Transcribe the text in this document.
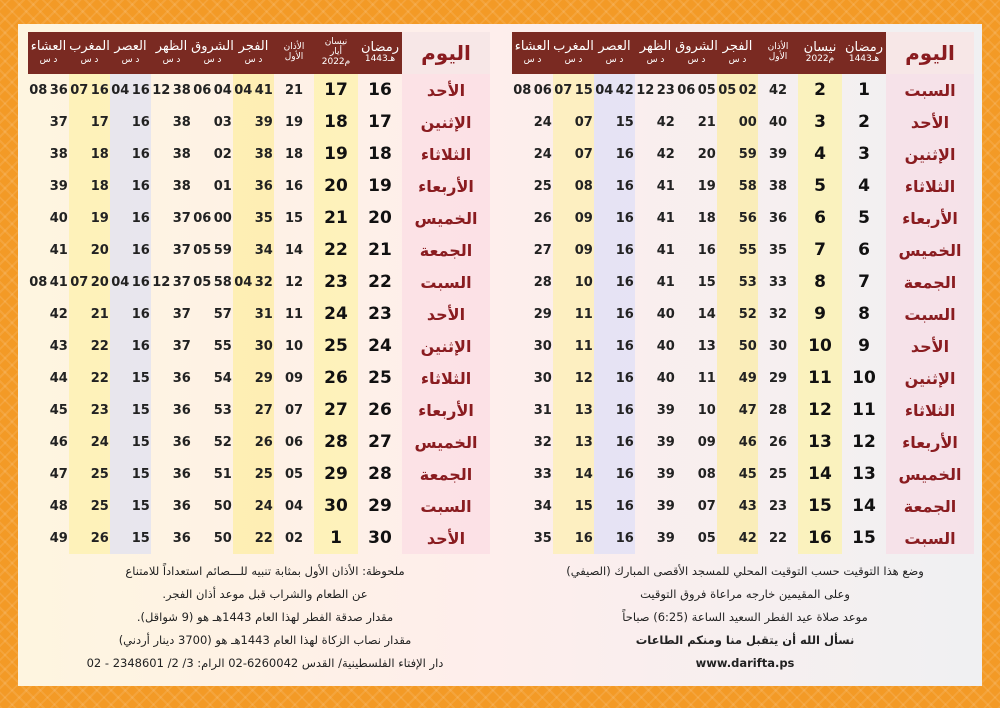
اليوم
رمضان
1443هـ
نيسان
2022م
الأذان
الأول
الفجر
د س
الشروق
د س
الظهر
د س
العصر
د س
المغرب
د س
العشاء
د س
السبت
1
2
42
02
05
05
06
23
12
42
04
15
07
06
08
الأحد
2
3
40
00
21
42
15
07
24
الإثنين
3
4
39
59
20
42
16
07
24
الثلاثاء
4
5
38
58
19
41
16
08
25
الأربعاء
5
6
36
56
18
41
16
09
26
الخميس
6
7
35
55
16
41
16
09
27
الجمعة
7
8
33
53
15
41
16
10
28
السبت
8
9
32
52
14
40
16
11
29
الأحد
9
10
30
50
13
40
16
11
30
الإثنين
10
11
29
49
11
40
16
12
30
الثلاثاء
11
12
28
47
10
39
16
13
31
الأربعاء
12
13
26
46
09
39
16
13
32
الخميس
13
14
25
45
08
39
16
14
33
الجمعة
14
15
23
43
07
39
16
15
34
السبت
15
16
22
42
05
39
16
16
35
اليوم
رمضان
1443هـ
نيسان
أيار
2022م
الأذان
الأول
الفجر
د س
الشروق
د س
الظهر
د س
العصر
د س
المغرب
د س
العشاء
د س
الأحد
16
17
21
41
04
04
06
38
12
16
04
16
07
36
08
الإثنين
17
18
19
39
03
38
16
17
37
الثلاثاء
18
19
18
38
02
38
16
18
38
الأربعاء
19
20
16
36
01
38
16
18
39
الخميس
20
21
15
35
00
06
37
16
19
40
الجمعة
21
22
14
34
59
05
37
16
20
41
السبت
22
23
12
32
04
58
05
37
12
16
04
20
07
41
08
الأحد
23
24
11
31
57
37
16
21
42
الإثنين
24
25
10
30
55
37
16
22
43
الثلاثاء
25
26
09
29
54
36
15
22
44
الأربعاء
26
27
07
27
53
36
15
23
45
الخميس
27
28
06
26
52
36
15
24
46
الجمعة
28
29
05
25
51
36
15
25
47
السبت
29
30
04
24
50
36
15
25
48
الأحد
30
1
02
22
50
36
15
26
49
وضع هذا التوقيت حسب التوقيت المحلي للمسجد الأقصى المبارك (الصيفي)
وعلى المقيمين خارجه مراعاة فروق التوقيت
موعد صلاة عيد الفطر السعيد الساعة (6:25) صباحاً
نسأل الله أن يتقبل منا ومنكم الطاعات
www.darifta.ps
ملحوظة: الأذان الأول بمثابة تنبيه للـــصائم استعداداً للامتناع
عن الطعام والشراب قبل موعد أذان الفجر.
مقدار صدقة الفطر لهذا العام 1443هـ هو (9 شواقل).
مقدار نصاب الزكاة لهذا العام 1443هـ هو (3700 دينار أردني)
دار الإفتاء الفلسطينية/ القدس 6260042-02 الرام: 3/ 2/ 2348601 - 02
